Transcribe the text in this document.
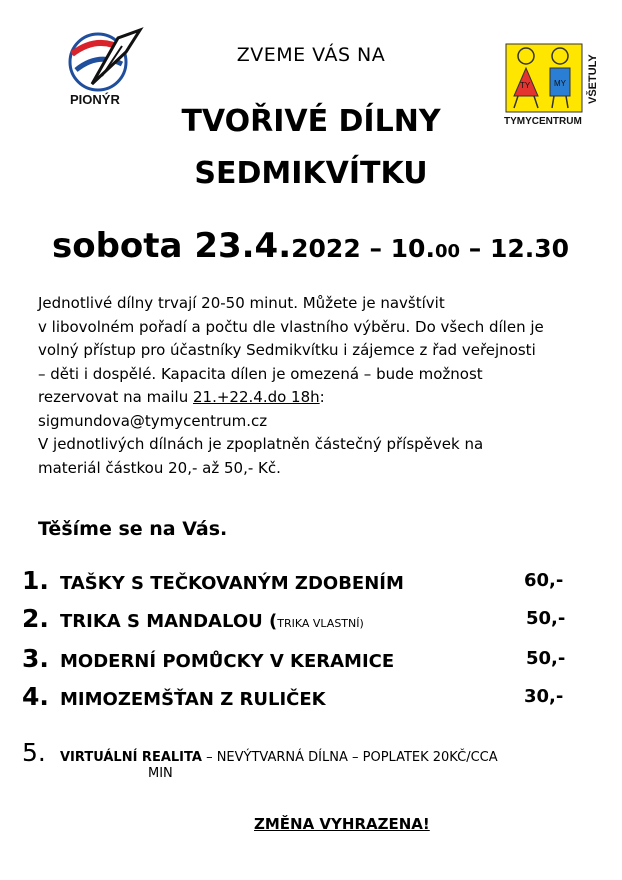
PIONÝR
TY	MY
TYMYCENTRUM
VŠETULY
ZVEME VÁS NA
TVOŘIVÉ DÍLNY
SEDMIKVÍTKU
sobota 23.4.2022 – 10.00 – 12.30

Jednotlivé dílny trvají 20-50 minut. Můžete je navštívit

v libovolném pořadí a počtu dle vlastního výběru. Do všech dílen je

volný přístup pro účastníky Sedmikvítku i zájemce z řad veřejnosti

– děti i dospělé. Kapacita dílen je omezená – bude možnost

rezervovat na mailu 21.+22.4.do 18h:

sigmundova@tymycentrum.cz

V jednotlivých dílnách je zpoplatněn částečný příspěvek na

materiál částkou 20,- až 50,- Kč.

Těšíme se na Vás.
1. TAŠKY S TEČKOVANÝM ZDOBENÍM	60,-
2. TRIKA S MANDALOU (TRIKA VLASTNÍ)	50,-
3. MODERNÍ POMŮCKY V KERAMICE	50,-
4. MIMOZEMŠŤAN Z RULIČEK	30,-
5. VIRTUÁLNÍ REALITA – NEVÝTVARNÁ DÍLNA – POPLATEK 20KČ/CCA
MIN
ZMĚNA VYHRAZENA!
